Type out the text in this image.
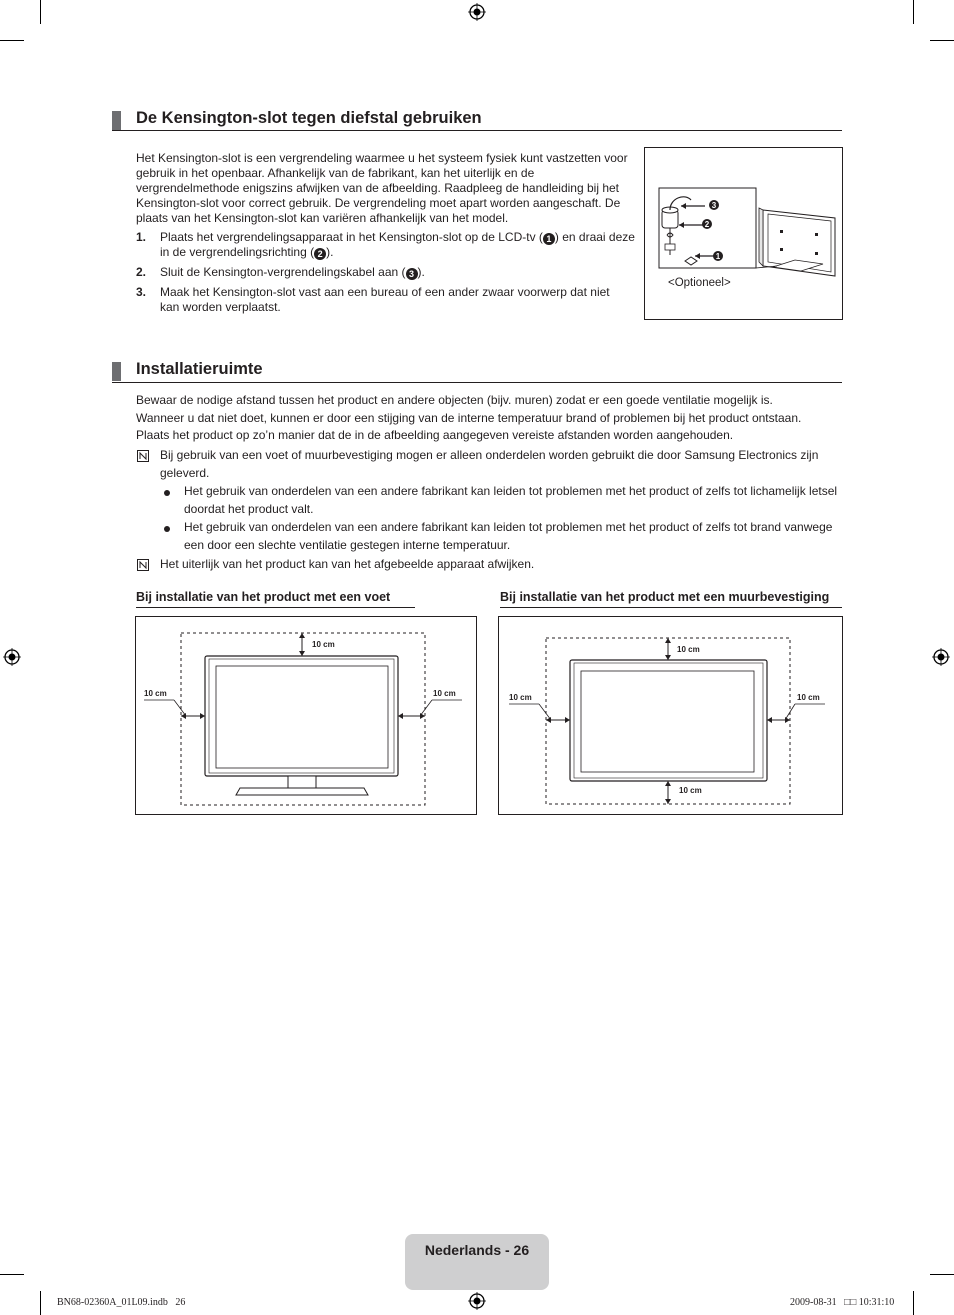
De Kensington-slot tegen diefstal gebruiken
Het Kensington-slot is een vergrendeling waarmee u het systeem fysiek kunt vastzetten voor gebruik in het openbaar. Afhankelijk van de fabrikant, kan het uiterlijk en de vergrendelmethode enigszins afwijken van de afbeelding. Raadpleeg de handleiding bij het Kensington-slot voor correct gebruik. De vergrendeling moet apart worden aangeschaft. De plaats van het Kensington-slot kan variëren afhankelijk van het model.
1. Plaats het vergrendelingsapparaat in het Kensington-slot op de LCD-tv ( 1 ) en draai deze in de vergrendelingsrichting ( 2 ).
2. Sluit de Kensington-vergrendelingskabel aan ( 3 ).
3. Maak het Kensington-slot vast aan een bureau of een ander zwaar voorwerp dat niet kan worden verplaatst.
3
2
1
<Optioneel>
Installatieruimte
Bewaar de nodige afstand tussen het product en andere objecten (bijv. muren) zodat er een goede ventilatie mogelijk is.
Wanneer u dat niet doet, kunnen er door een stijging van de interne temperatuur brand of problemen bij het product ontstaan.
Plaats het product op zo’n manier dat de in de afbeelding aangegeven vereiste afstanden worden aangehouden.
Bij gebruik van een voet of muurbevestiging mogen er alleen onderdelen worden gebruikt die door Samsung Electronics zijn geleverd.
Het gebruik van onderdelen van een andere fabrikant kan leiden tot problemen met het product of zelfs tot lichamelijk letsel doordat het product valt.
Het gebruik van onderdelen van een andere fabrikant kan leiden tot problemen met het product of zelfs tot brand vanwege een door een slechte ventilatie gestegen interne temperatuur.
Het uiterlijk van het product kan van het afgebeelde apparaat afwijken.
Bij installatie van het product met een voet
10 cm
10 cm	10 cm
Bij installatie van het product met een muurbevestiging
10 cm
10 cm	10 cm
10 cm
Nederlands - 26
BN68-02360A_01L09.indb   26	2009-08-31   □□ 10:31:10
